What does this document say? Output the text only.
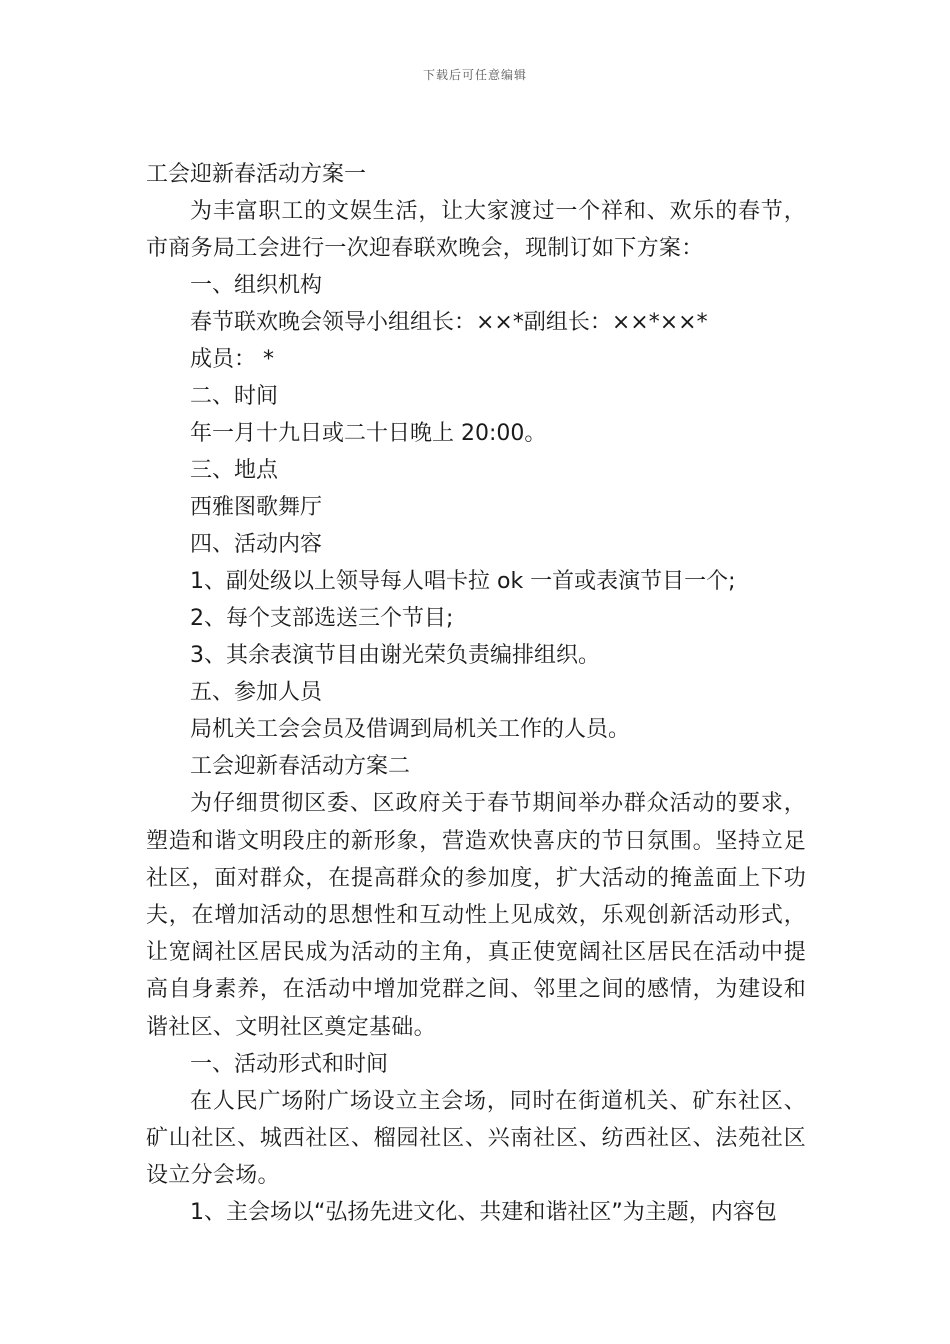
下载后可任意编辑
工会迎新春活动方案一
为丰富职工的文娱生活，让大家渡过一个祥和、欢乐的春节，市商务局工会进行一次迎春联欢晚会，现制订如下方案：
一、组织机构
春节联欢晚会领导小组组长：××*副组长：××*××*
成员： *
二、时间
年一月十九日或二十日晚上 20:00。
三、地点
西雅图歌舞厅
四、活动内容
1、副处级以上领导每人唱卡拉 ok 一首或表演节目一个;
2、每个支部选送三个节目;
3、其余表演节目由谢光荣负责编排组织。
五、参加人员
局机关工会会员及借调到局机关工作的人员。
工会迎新春活动方案二
为仔细贯彻区委、区政府关于春节期间举办群众活动的要求，塑造和谐文明段庄的新形象，营造欢快喜庆的节日氛围。坚持立足社区，面对群众，在提高群众的参加度，扩大活动的掩盖面上下功夫，在增加活动的思想性和互动性上见成效，乐观创新活动形式，让宽阔社区居民成为活动的主角，真正使宽阔社区居民在活动中提高自身素养，在活动中增加党群之间、邻里之间的感情，为建设和谐社区、文明社区奠定基础。
一、活动形式和时间
在人民广场附广场设立主会场，同时在街道机关、矿东社区、矿山社区、城西社区、榴园社区、兴南社区、纺西社区、法苑社区设立分会场。
1、主会场以“弘扬先进文化、共建和谐社区”为主题，内容包
